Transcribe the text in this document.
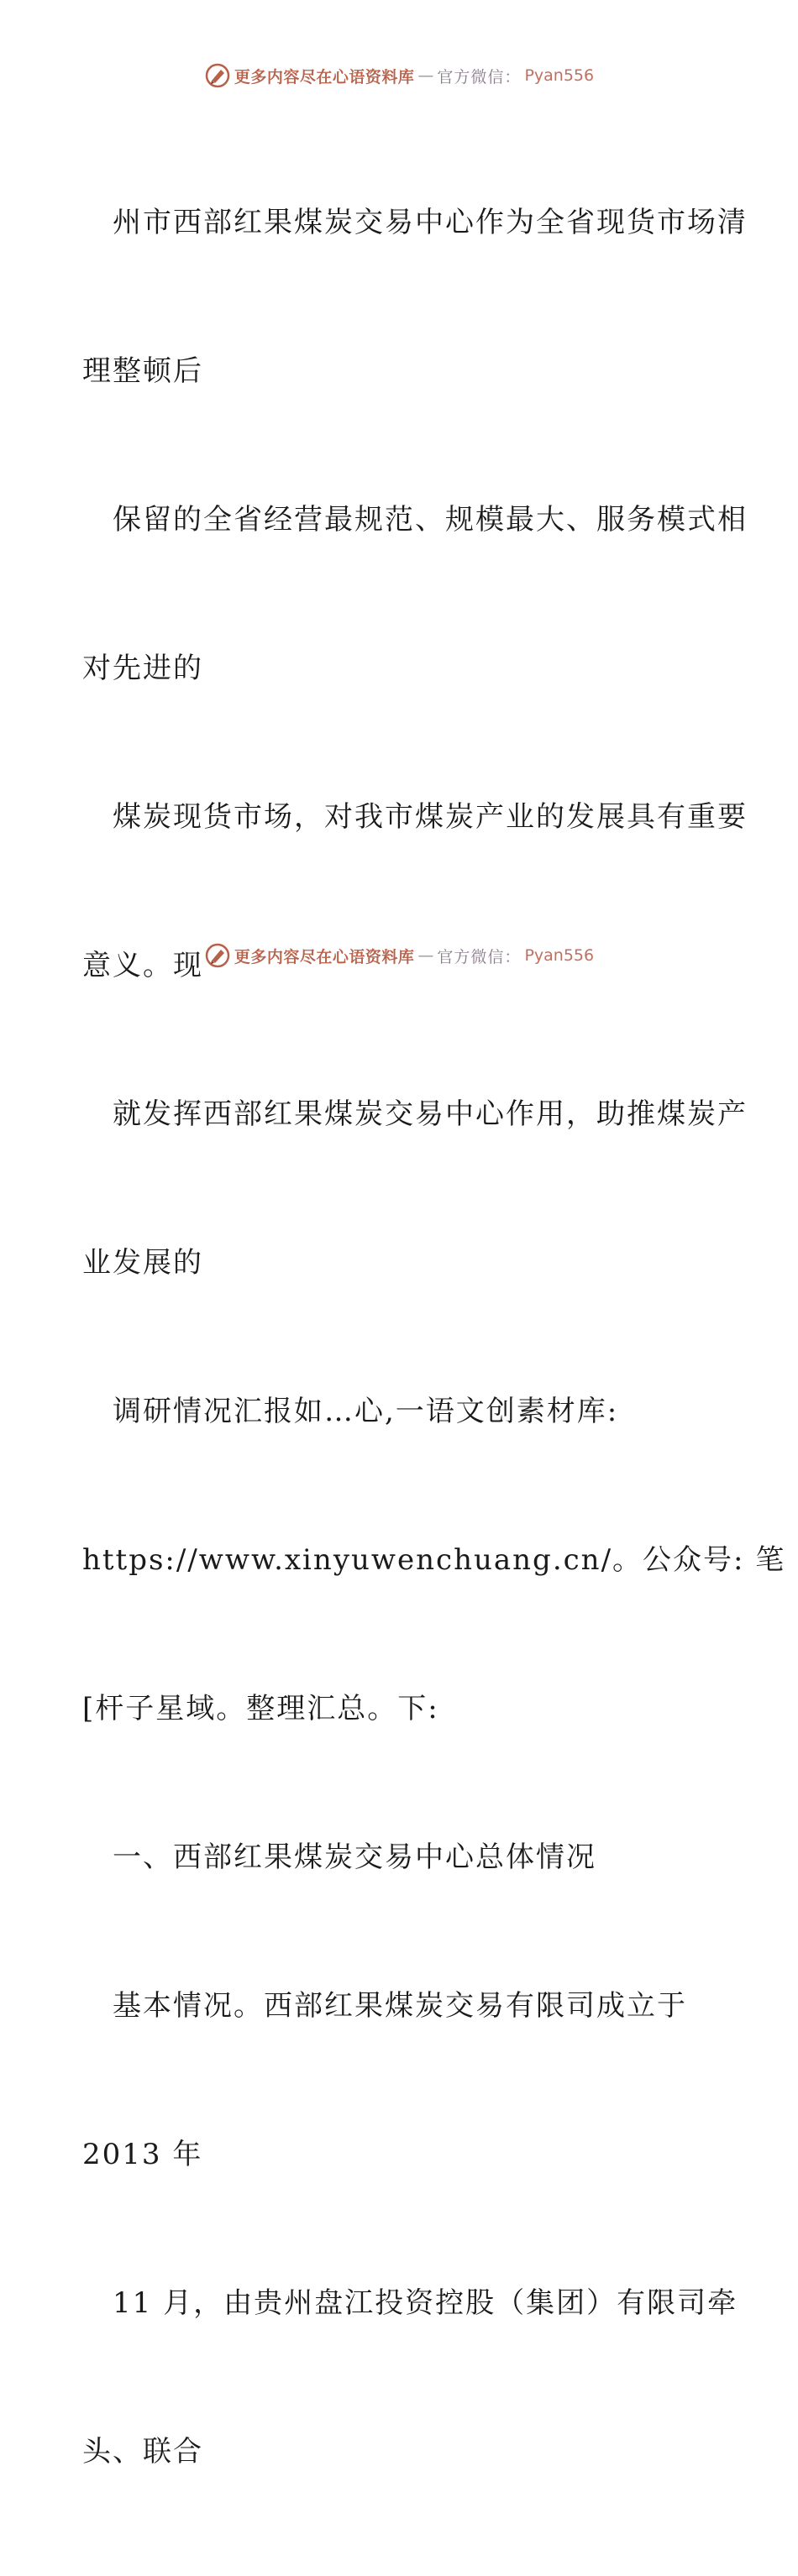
更多内容尽在心语资料库 — 官方微信： Pyan556

州市西部红果煤炭交易中心作为全省现货市场清

理整顿后

保留的全省经营最规范、规模最大、服务模式相

对先进的

煤炭现货市场，对我市煤炭产业的发展具有重要

意义。现

就发挥西部红果煤炭交易中心作用，助推煤炭产

业发展的

调研情况汇报如…心,一语文创素材库:

https://www.xinyuwenchuang.cn/。公众号: 笔

[杆子星域。整理汇总。下:

一、西部红果煤炭交易中心总体情况

基本情况。西部红果煤炭交易有限司成立于

2013 年

11 月，由贵州盘江投资控股（集团）有限司牵

头、联合

更多内容尽在心语资料库 — 官方微信： Pyan556
